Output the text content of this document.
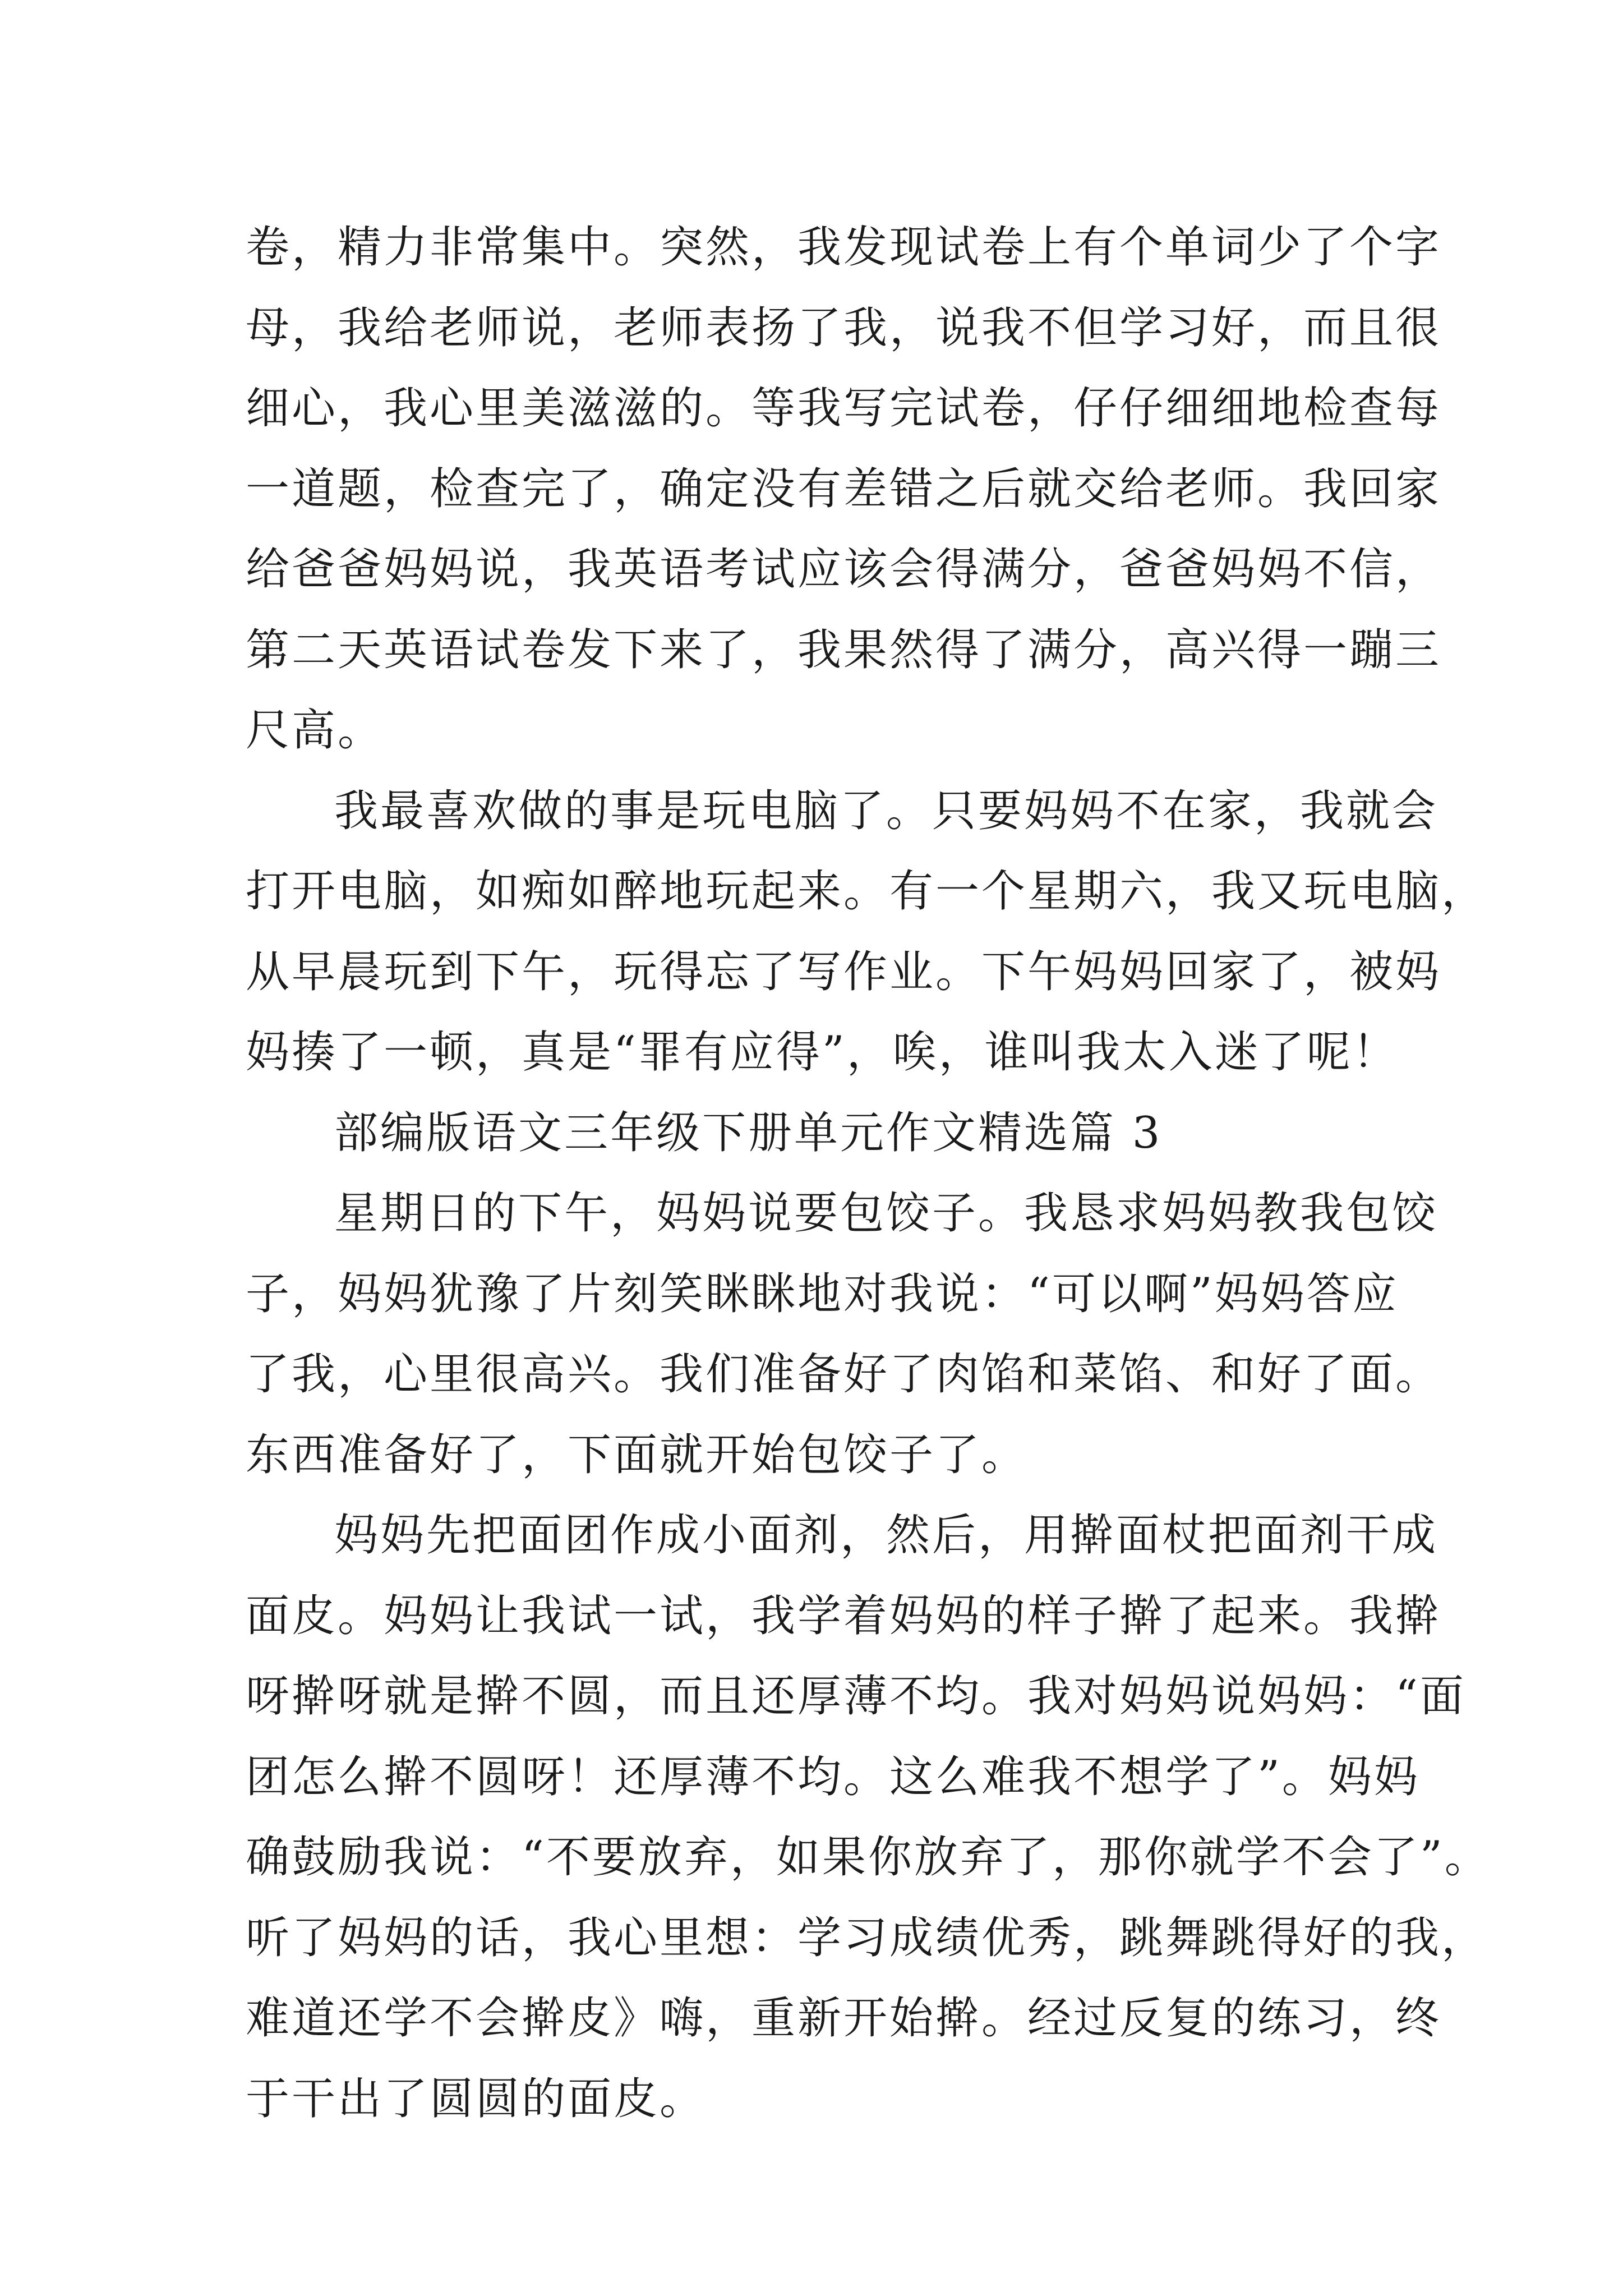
卷，精力非常集中。突然，我发现试卷上有个单词少了个字
母，我给老师说，老师表扬了我，说我不但学习好，而且很
细心，我心里美滋滋的。等我写完试卷，仔仔细细地检查每
一道题，检查完了，确定没有差错之后就交给老师。我回家
给爸爸妈妈说，我英语考试应该会得满分，爸爸妈妈不信，
第二天英语试卷发下来了，我果然得了满分，高兴得一蹦三
尺高。
我最喜欢做的事是玩电脑了。只要妈妈不在家，我就会
打开电脑，如痴如醉地玩起来。有一个星期六，我又玩电脑，
从早晨玩到下午，玩得忘了写作业。下午妈妈回家了，被妈
妈揍了一顿，真是“罪有应得”，唉，谁叫我太入迷了呢！
部编版语文三年级下册单元作文精选篇 3
星期日的下午，妈妈说要包饺子。我恳求妈妈教我包饺
子，妈妈犹豫了片刻笑眯眯地对我说：“可以啊”妈妈答应
了我，心里很高兴。我们准备好了肉馅和菜馅、和好了面。
东西准备好了，下面就开始包饺子了。
妈妈先把面团作成小面剂，然后，用擀面杖把面剂干成
面皮。妈妈让我试一试，我学着妈妈的样子擀了起来。我擀
呀擀呀就是擀不圆，而且还厚薄不均。我对妈妈说妈妈：“面
团怎么擀不圆呀！还厚薄不均。这么难我不想学了”。妈妈
确鼓励我说：“不要放弃，如果你放弃了，那你就学不会了”。
听了妈妈的话，我心里想：学习成绩优秀，跳舞跳得好的我，
难道还学不会擀皮》嗨，重新开始擀。经过反复的练习，终
于干出了圆圆的面皮。
